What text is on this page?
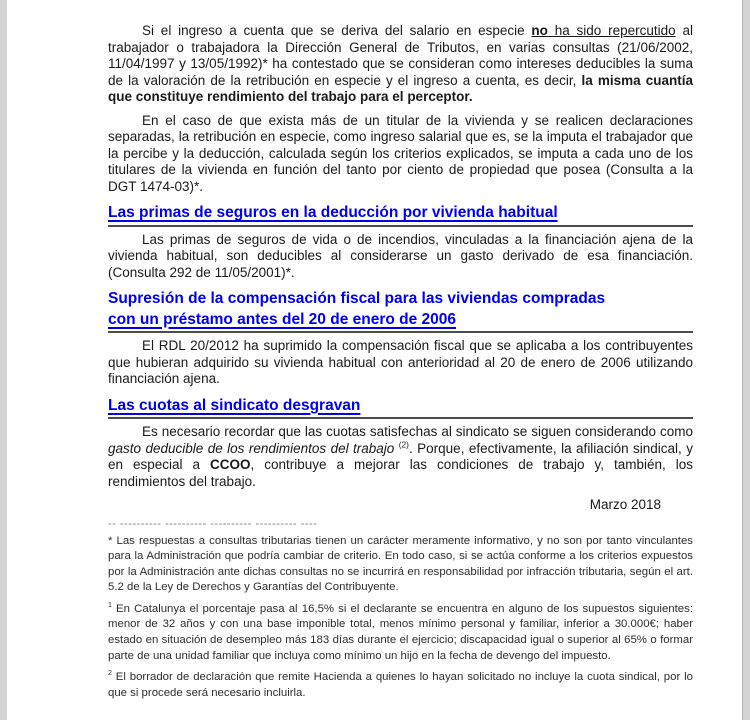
Si el ingreso a cuenta que se deriva del salario en especie no ha sido repercutido al trabajador o trabajadora la Dirección General de Tributos, en varias consultas (21/06/2002, 11/04/1997 y 13/05/1992)* ha contestado que se consideran como intereses deducibles la suma de la valoración de la retribución en especie y el ingreso a cuenta, es decir, la misma cuantía que constituye rendimiento del trabajo para el perceptor.

En el caso de que exista más de un titular de la vivienda y se realicen declaraciones separadas, la retribución en especie, como ingreso salarial que es, se la imputa el trabajador que la percibe y la deducción, calculada según los criterios explicados, se imputa a cada uno de los titulares de la vivienda en función del tanto por ciento de propiedad que posea (Consulta a la DGT 1474-03)*.

Las primas de seguros en la deducción por vivienda habitual

Las primas de seguros de vida o de incendios, vinculadas a la financiación ajena de la vivienda habitual, son deducibles al considerarse un gasto derivado de esa financiación. (Consulta 292 de 11/05/2001)*.

Supresión de la compensación fiscal para las viviendas compradas
con un préstamo antes del 20 de enero de 2006

El RDL 20/2012 ha suprimido la compensación fiscal que se aplicaba a los contribuyentes que hubieran adquirido su vivienda habitual con anterioridad al 20 de enero de 2006 utilizando financiación ajena.

Las cuotas al sindicato desgravan

Es necesario recordar que las cuotas satisfechas al sindicato se siguen considerando como gasto deducible de los rendimientos del trabajo $^{(2)}$. Porque, efectivamente, la afiliación sindical, y en especial a CCOO, contribuye a mejorar las condiciones de trabajo y, también, los rendimientos del trabajo.

Marzo 2018

-- ---------- ---------- ---------- ---------- ----

* Las respuestas a consultas tributarias tienen un carácter meramente informativo, y no son por tanto vinculantes para la Administración que podría cambiar de criterio. En todo caso, si se actúa conforme a los criterios expuestos por la Administración ante dichas consultas no se incurrirá en responsabilidad por infracción tributaria, según el art. 5.2 de la Ley de Derechos y Garantías del Contribuyente.

$^1$ En Catalunya el porcentaje pasa al 16,5% si el declarante se encuentra en alguno de los supuestos siguientes: menor de 32 años y con una base imponible total, menos mínimo personal y familiar, inferior a 30.000€; haber estado en situación de desempleo más 183 días durante el ejercicio; discapacidad igual o superior al 65% o formar parte de una unidad familiar que incluya como mínimo un hijo en la fecha de devengo del impuesto.

$^2$ El borrador de declaración que remite Hacienda a quienes lo hayan solicitado no incluye la cuota sindical, por lo que si procede será necesario incluirla.
